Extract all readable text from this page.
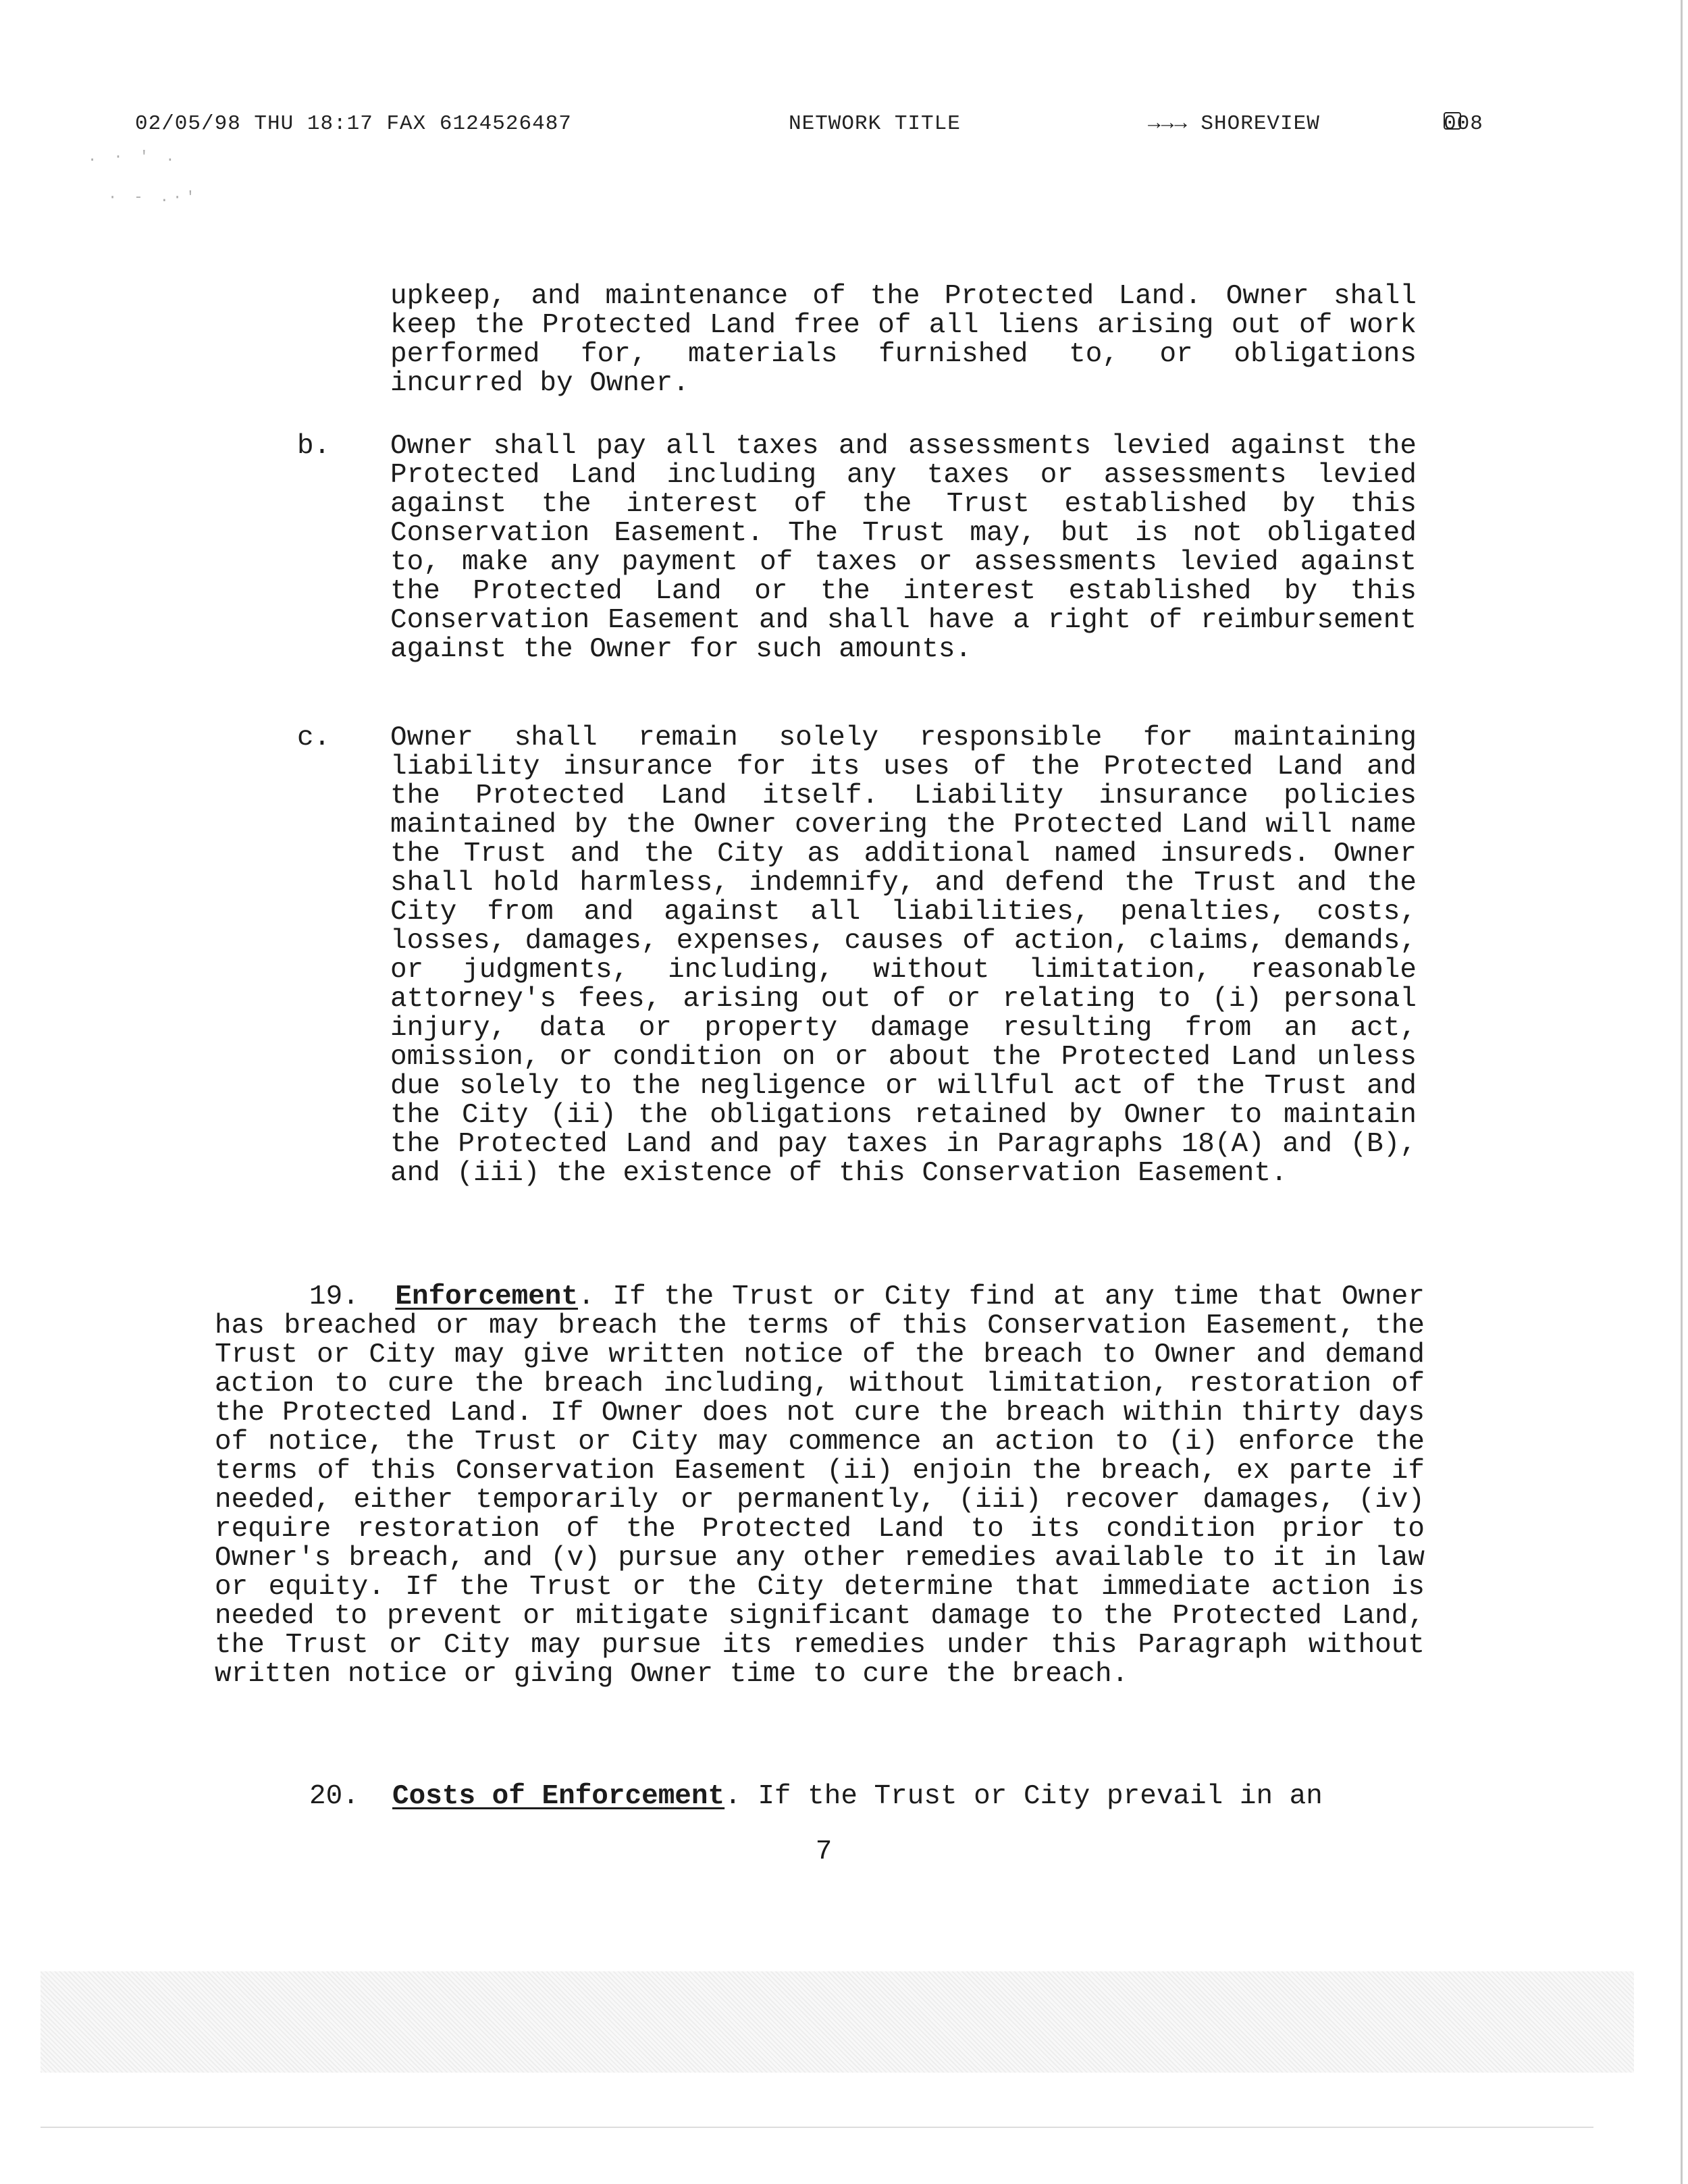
. · ' .
· - .·'
02/05/98 THU 18:17 FAX 6124526487	NETWORK TITLE	→→→ SHOREVIEW	008
upkeep, and maintenance of the Protected Land. Owner shall keep the Protected Land free of all liens arising out of work performed for, materials furnished to, or obligations incurred by Owner.
b. Owner shall pay all taxes and assessments levied against the Protected Land including any taxes or assessments levied against the interest of the Trust established by this Conservation Easement. The Trust may, but is not obligated to, make any payment of taxes or assessments levied against the Protected Land or the interest established by this Conservation Easement and shall have a right of reimbursement against the Owner for such amounts.
c. Owner shall remain solely responsible for maintaining liability insurance for its uses of the Protected Land and the Protected Land itself. Liability insurance policies maintained by the Owner covering the Protected Land will name the Trust and the City as additional named insureds. Owner shall hold harmless, indemnify, and defend the Trust and the City from and against all liabilities, penalties, costs, losses, damages, expenses, causes of action, claims, demands, or judgments, including, without limitation, reasonable attorney's fees, arising out of or relating to (i) personal injury, data or property damage resulting from an act, omission, or condition on or about the Protected Land unless due solely to the negligence or willful act of the Trust and the City (ii) the obligations retained by Owner to maintain the Protected Land and pay taxes in Paragraphs 18(A) and (B), and (iii) the existence of this Conservation Easement.
19. Enforcement. If the Trust or City find at any time that Owner has breached or may breach the terms of this Conservation Easement, the Trust or City may give written notice of the breach to Owner and demand action to cure the breach including, without limitation, restoration of the Protected Land. If Owner does not cure the breach within thirty days of notice, the Trust or City may commence an action to (i) enforce the terms of this Conservation Easement (ii) enjoin the breach, ex parte if needed, either temporarily or permanently, (iii) recover damages, (iv) require restoration of the Protected Land to its condition prior to Owner's breach, and (v) pursue any other remedies available to it in law or equity. If the Trust or the City determine that immediate action is needed to prevent or mitigate significant damage to the Protected Land, the Trust or City may pursue its remedies under this Paragraph without written notice or giving Owner time to cure the breach.
20. Costs of Enforcement. If the Trust or City prevail in an
7
